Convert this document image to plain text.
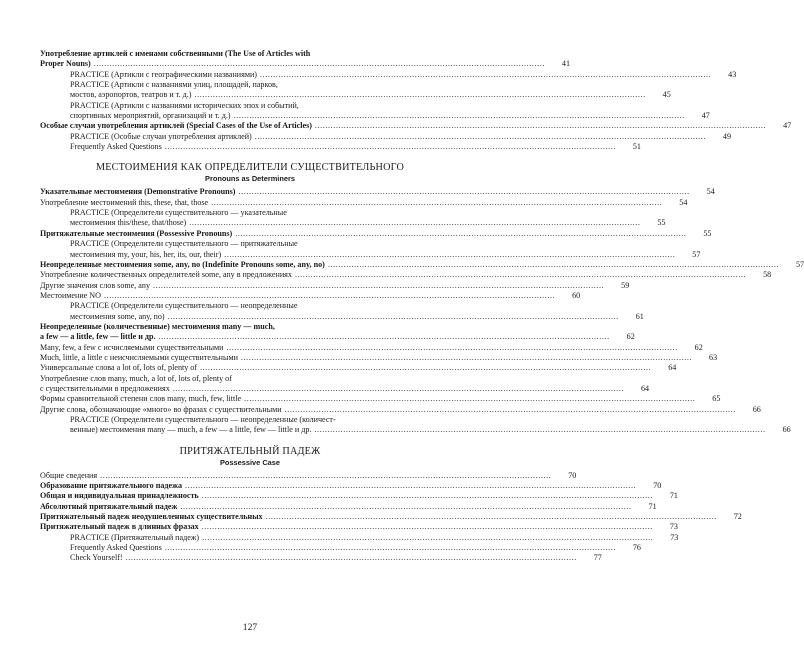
Употребление артиклей с именами собственными (The Use of Articles with
Proper Nouns) .....	41
PRACTICE (Артикли с географическими названиями) .....	43
PRACTICE (Артикли с названиями улиц, площадей, парков,
мостов, аэропортов, театров и т. д.) .....	45
PRACTICE (Артикли с названиями исторических эпох и событий,
спортивных мероприятий, организаций и т. д.) .....	47
Особые случаи употребления артиклей (Special Cases of the Use of Articles) .....	47
PRACTICE (Особые случаи употребления артиклей) .....	49
Frequently Asked Questions .....	51
МЕСТОИМЕНИЯ КАК ОПРЕДЕЛИТЕЛИ СУЩЕСТВИТЕЛЬНОГО
Pronouns as Determiners
Указательные местоимения (Demonstrative Pronouns) .....	54
Употребление местоимений this, these, that, those .....	54
PRACTICE (Определители существительного — указательные
местоимения this/these, that/those) .....	55
Притяжательные местоимения (Possessive Pronouns) .....	55
PRACTICE (Определители существительного — притяжательные
местоимения my, your, his, her, its, our, their) .....	57
Неопределенные местоимения some, any, no (Indefinite Pronouns some, any, no) .....	57
Употребление количественных определителей some, any в предложениях .....	58
Другие значения слов some, any .....	59
Местоимение NO .....	60
PRACTICE (Определители существительного — неопределенные
местоимения some, any, no) .....	61
Неопределенные (количественные) местоимения many — much,
a few — a little, few — little и др. .....	62
Many, few, a few с исчисляемыми существительными .....	62
Much, little, a little с неисчисляемыми существительными .....	63
Универсальные слова a lot of, lots of, plenty of .....	64
Употребление слов many, much, a lot of, lots of, plenty of
с существительными в предложениях .....	64
Формы сравнительной степени слов many, much, few, little .....	65
Другие слова, обозначающие «много» во фразах с существительными .....	66
PRACTICE (Определители существительного — неопределенные (количест-
венные) местоимения many — much, a few — a little, few — little и др. .....	66
ПРИТЯЖАТЕЛЬНЫЙ ПАДЕЖ
Possessive Case
Общие сведения .....	70
Образование притяжательного падежа .....	70
Общая и индивидуальная принадлежность .....	71
Абсолютный притяжательный падеж .....	71
Притяжательный падеж неодушевленных существительных .....	72
Притяжательный падеж в длинных фразах .....	73
PRACTICE (Притяжательный падеж) .....	73
Frequently Asked Questions .....	76
Check Yourself! .....	77
127
